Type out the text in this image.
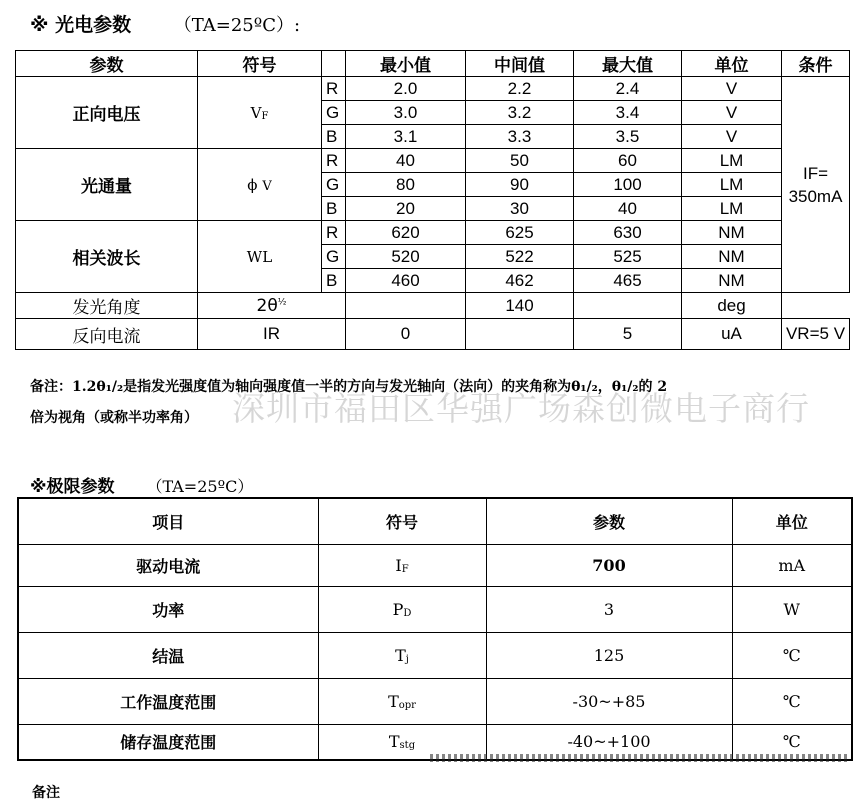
※ 光电参数 （TA=25ºC）:
参数	符号		最小值	中间值	最大值	单位	条件
正向电压	$V_F$	R	2.0	2.2	2.4	V	IF=
350mA

		G	3.0	3.2	3.4	V	
		B	3.1	3.3	3.5	V	
光通量	ϕ V	R	40	50	60	LM	
		G	80	90	100	LM	
		B	20	30	40	LM	
相关波长	WL	R	620	625	630	NM	
		G	520	522	525	NM	
		B	460	462	465	NM	
发光角度	$2\theta^{\frac{1}{2}}$			140		deg	
反向电流	IR		0		5	uA	VR=5 V
深圳市福田区华强广场森创微电子商行
备注：1.2θ₁/₂是指发光强度值为轴向强度值一半的方向与发光轴向（法向）的夹角称为θ₁/₂，θ₁/₂的 2
倍为视角（或称半功率角）
※极限参数 （TA=25ºC）
项目	符号	参数	单位
驱动电流	$I_F$	700	mA
功率	$P_D$	3	W
结温	$T_j$	125	℃
工作温度范围	$T_{opr}$	-30~+85	℃
储存温度范围	$T_{stg}$	-40~+100	℃
备注
